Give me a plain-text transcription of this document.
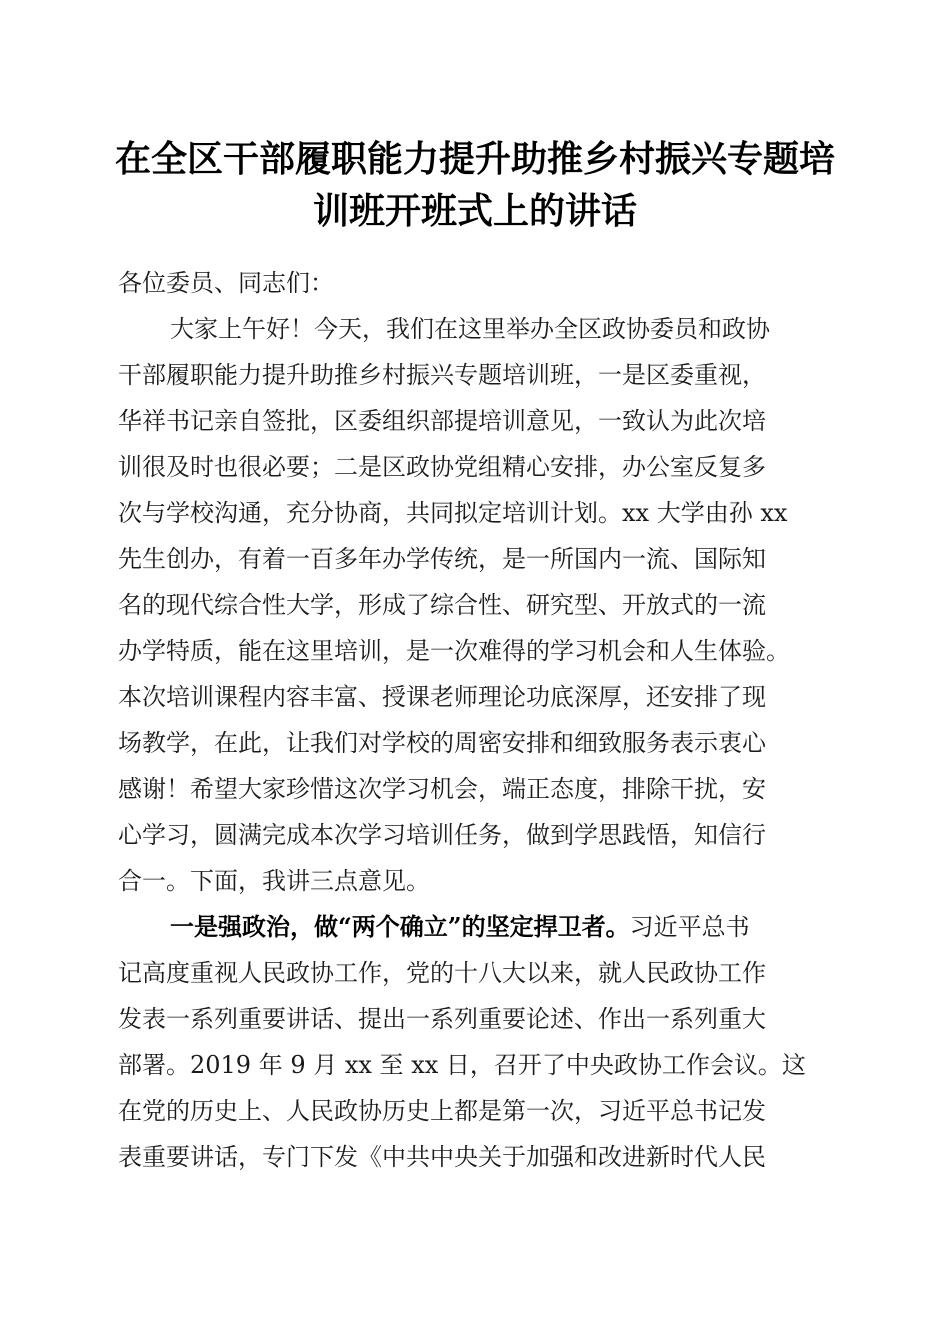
在全区干部履职能力提升助推乡村振兴专题培
训班开班式上的讲话
各位委员、同志们：
大家上午好！今天，我们在这里举办全区政协委员和政协
干部履职能力提升助推乡村振兴专题培训班，一是区委重视，
华祥书记亲自签批，区委组织部提培训意见，一致认为此次培
训很及时也很必要；二是区政协党组精心安排，办公室反复多
次与学校沟通，充分协商，共同拟定培训计划。xx 大学由孙 xx
先生创办，有着一百多年办学传统，是一所国内一流、国际知
名的现代综合性大学，形成了综合性、研究型、开放式的一流
办学特质，能在这里培训，是一次难得的学习机会和人生体验。
本次培训课程内容丰富、授课老师理论功底深厚，还安排了现
场教学，在此，让我们对学校的周密安排和细致服务表示衷心
感谢！希望大家珍惜这次学习机会，端正态度，排除干扰，安
心学习，圆满完成本次学习培训任务，做到学思践悟，知信行
合一。下面，我讲三点意见。
一是强政治，做“两个确立”的坚定捍卫者。习近平总书
记高度重视人民政协工作，党的十八大以来，就人民政协工作
发表一系列重要讲话、提出一系列重要论述、作出一系列重大
部署。2019 年 9 月 xx 至 xx 日，召开了中央政协工作会议。这
在党的历史上、人民政协历史上都是第一次，习近平总书记发
表重要讲话，专门下发《中共中央关于加强和改进新时代人民
